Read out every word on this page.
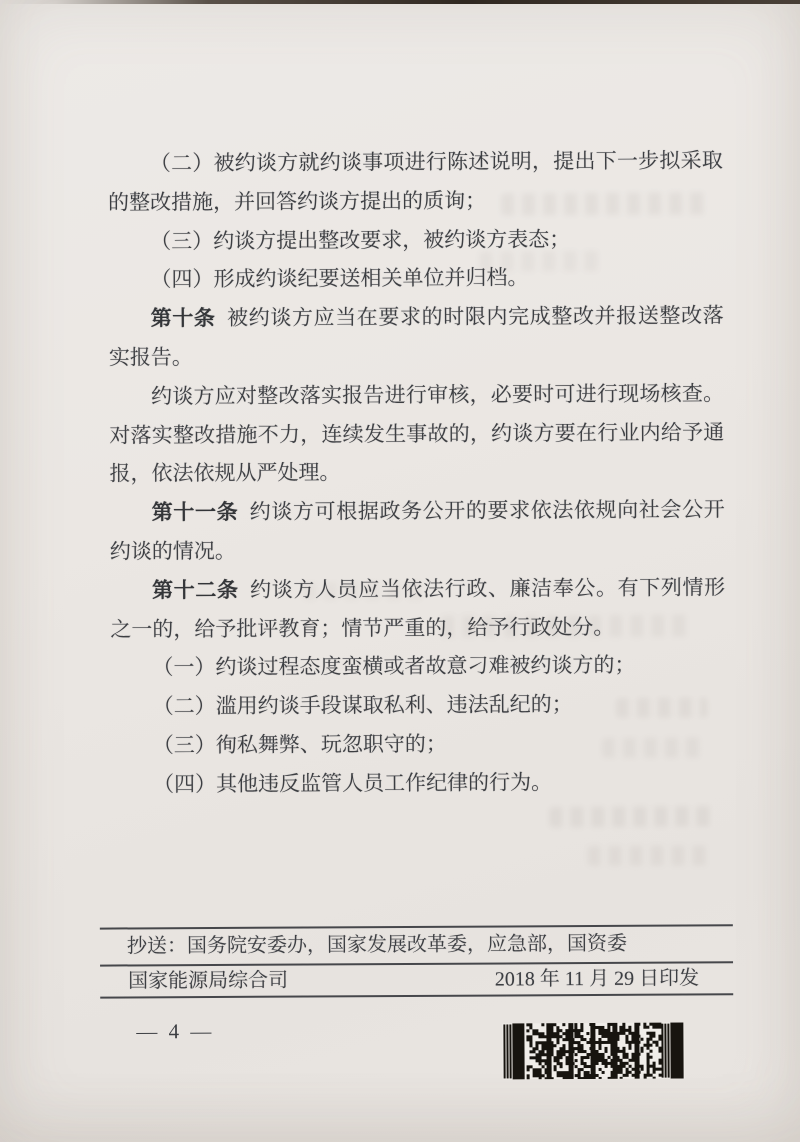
（二）被约谈方就约谈事项进行陈述说明，提出下一步拟采取的整改措施，并回答约谈方提出的质询；

（三）约谈方提出整改要求，被约谈方表态；

（四）形成约谈纪要送相关单位并归档。

第十条 被约谈方应当在要求的时限内完成整改并报送整改落实报告。

约谈方应对整改落实报告进行审核，必要时可进行现场核查。对落实整改措施不力，连续发生事故的，约谈方要在行业内给予通报，依法依规从严处理。

第十一条 约谈方可根据政务公开的要求依法依规向社会公开约谈的情况。

第十二条 约谈方人员应当依法行政、廉洁奉公。有下列情形之一的，给予批评教育；情节严重的，给予行政处分。

（一）约谈过程态度蛮横或者故意刁难被约谈方的；

（二）滥用约谈手段谋取私利、违法乱纪的；

（三）徇私舞弊、玩忽职守的；

（四）其他违反监管人员工作纪律的行为。

抄送：国务院安委办，国家发展改革委，应急部，国资委
国家能源局综合司	2018 年 11 月 29 日印发
— 4 —
